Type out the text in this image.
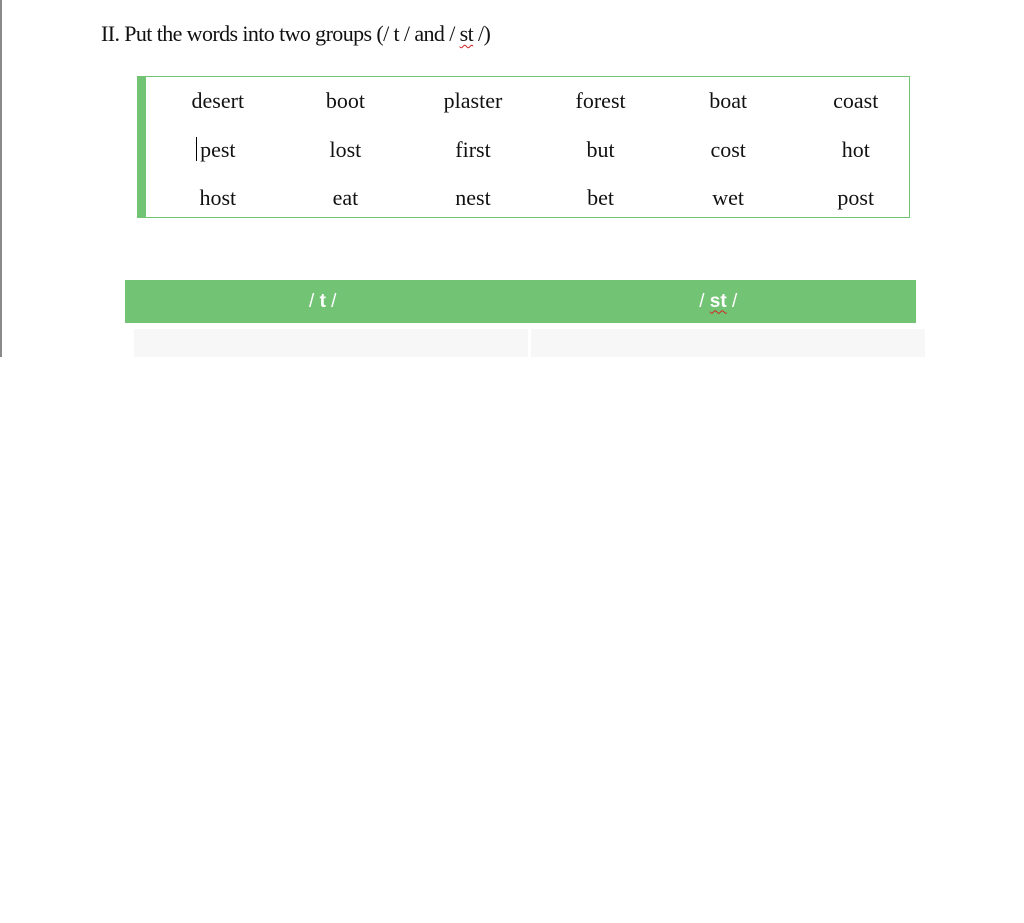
II. Put the words into two groups (/ t / and / st /)
desert	boot	plaster	forest	boat	coast
pest	lost	first	but	cost	hot
host	eat	nest	bet	wet	post
/ t /	/ st /
